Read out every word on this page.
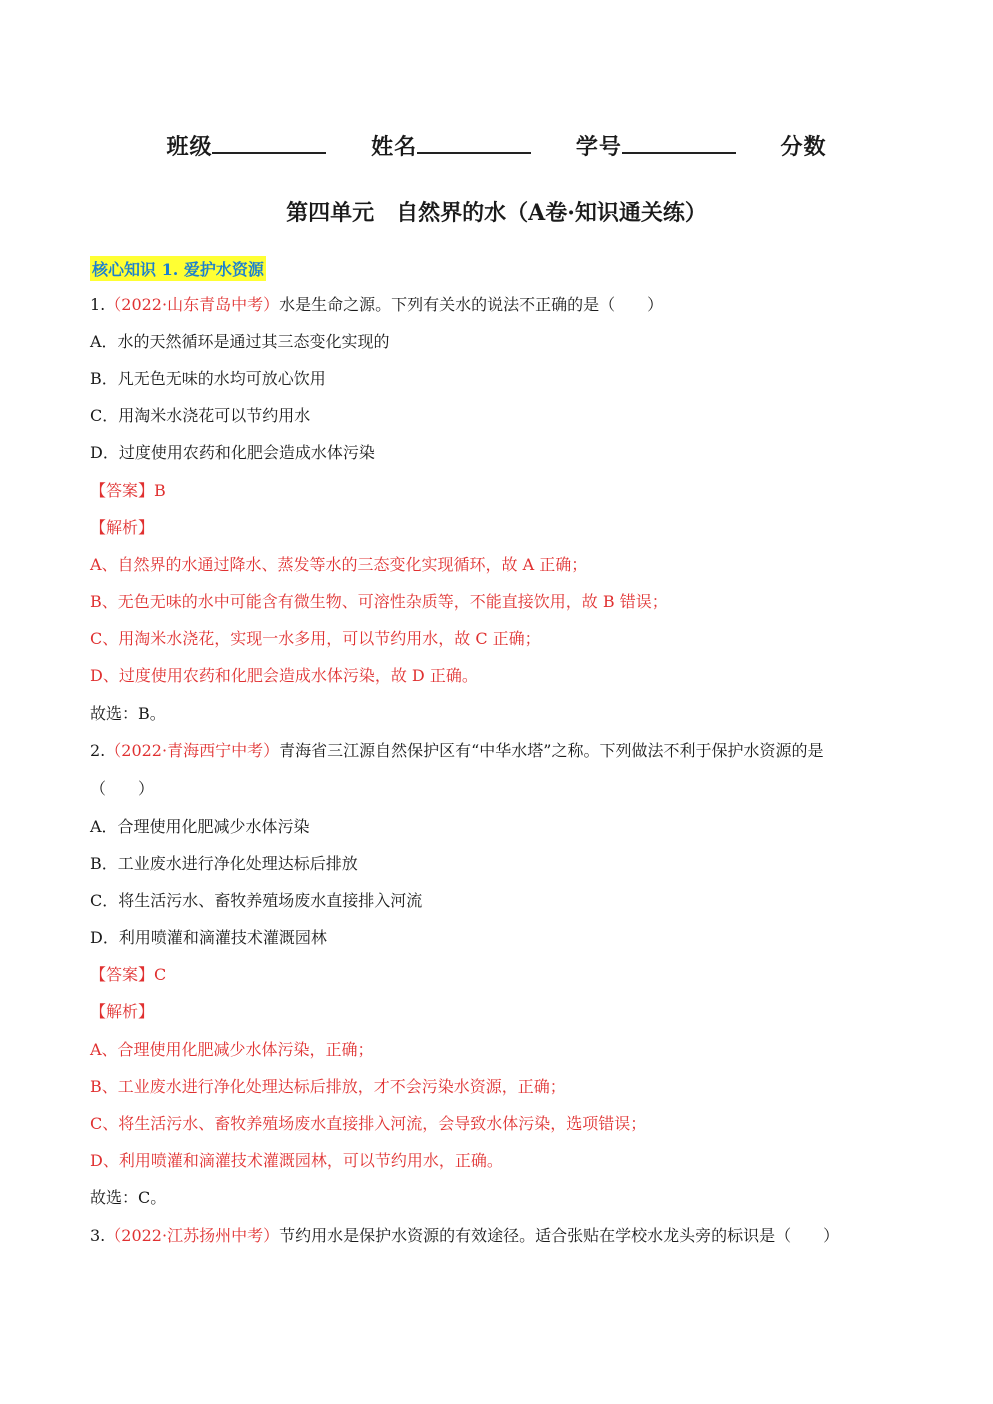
班级	姓名	学号	分数
第四单元　自然界的水（A卷·知识通关练）
核心知识 1. 爱护水资源
1.（2022·山东青岛中考）水是生命之源。下列有关水的说法不正确的是（　　）
A．水的天然循环是通过其三态变化实现的
B．凡无色无味的水均可放心饮用
C．用淘米水浇花可以节约用水
D．过度使用农药和化肥会造成水体污染
【答案】B
【解析】
A、自然界的水通过降水、蒸发等水的三态变化实现循环，故 A 正确；
B、无色无味的水中可能含有微生物、可溶性杂质等，不能直接饮用，故 B 错误；
C、用淘米水浇花，实现一水多用，可以节约用水，故 C 正确；
D、过度使用农药和化肥会造成水体污染，故 D 正确。
故选：B。
2.（2022·青海西宁中考）青海省三江源自然保护区有“中华水塔”之称。下列做法不利于保护水资源的是
（　　）
A．合理使用化肥减少水体污染
B．工业废水进行净化处理达标后排放
C．将生活污水、畜牧养殖场废水直接排入河流
D．利用喷灌和滴灌技术灌溉园林
【答案】C
【解析】
A、合理使用化肥减少水体污染，正确；
B、工业废水进行净化处理达标后排放，才不会污染水资源，正确；
C、将生活污水、畜牧养殖场废水直接排入河流，会导致水体污染，选项错误；
D、利用喷灌和滴灌技术灌溉园林，可以节约用水，正确。
故选：C。
3.（2022·江苏扬州中考）节约用水是保护水资源的有效途径。适合张贴在学校水龙头旁的标识是（　　）
